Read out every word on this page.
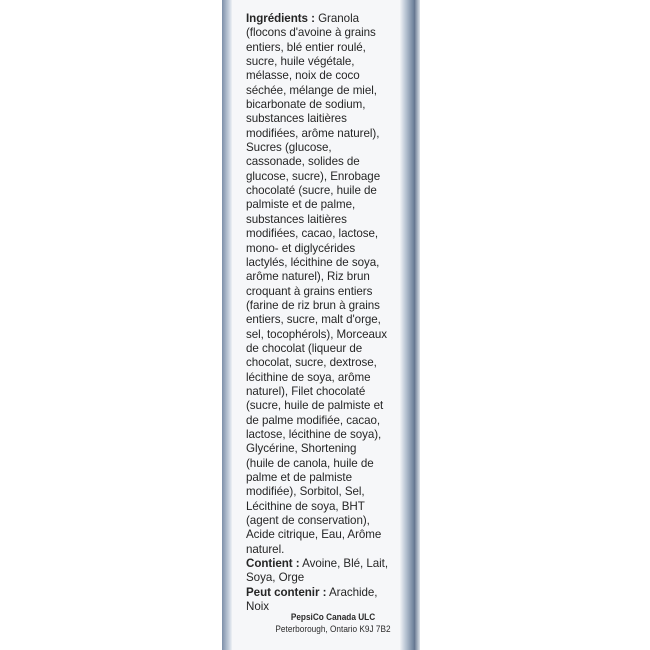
Ingrédients : Granola
(flocons d'avoine à grains
entiers, blé entier roulé,
sucre, huile végétale,
mélasse, noix de coco
séchée, mélange de miel,
bicarbonate de sodium,
substances laitières
modifiées, arôme naturel),
Sucres (glucose,
cassonade, solides de
glucose, sucre), Enrobage
chocolaté (sucre, huile de
palmiste et de palme,
substances laitières
modifiées, cacao, lactose,
mono- et diglycérides
lactylés, lécithine de soya,
arôme naturel), Riz brun
croquant à grains entiers
(farine de riz brun à grains
entiers, sucre, malt d'orge,
sel, tocophérols), Morceaux
de chocolat (liqueur de
chocolat, sucre, dextrose,
lécithine de soya, arôme
naturel), Filet chocolaté
(sucre, huile de palmiste et
de palme modifiée, cacao,
lactose, lécithine de soya),
Glycérine, Shortening
(huile de canola, huile de
palme et de palmiste
modifiée), Sorbitol, Sel,
Lécithine de soya, BHT
(agent de conservation),
Acide citrique, Eau, Arôme
naturel.
Contient : Avoine, Blé, Lait,
Soya, Orge
Peut contenir : Arachide,
Noix
PepsiCo Canada ULC
Peterborough, Ontario K9J 7B2
